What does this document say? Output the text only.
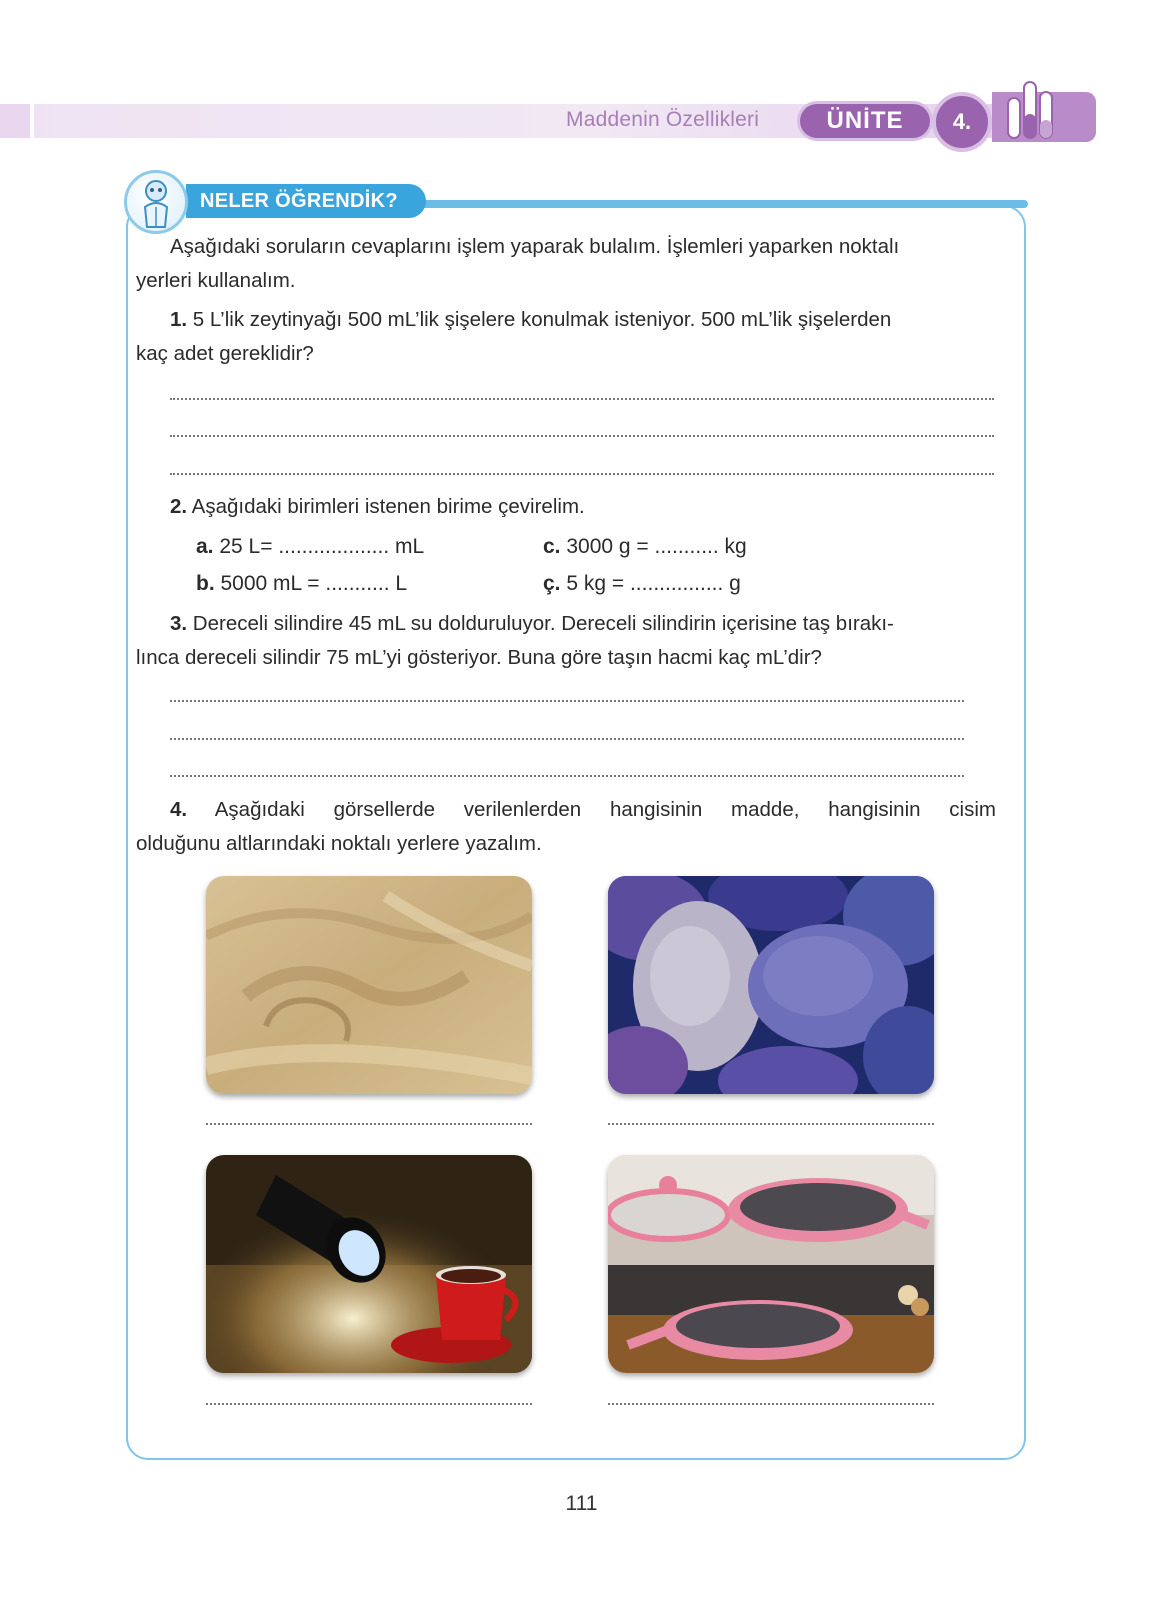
Maddenin Özellikleri	ÜNİTE	4.
NELER ÖĞRENDİK?
Aşağıdaki soruların cevaplarını işlem yaparak bulalım. İşlemleri yaparken noktalı
yerleri kullanalım.
1. 5 L’lik zeytinyağı 500 mL’lik şişelere konulmak isteniyor. 500 mL’lik şişelerden
kaç adet gereklidir?
2. Aşağıdaki birimleri istenen birime çevirelim.
a. 25 L= ................... mL	c. 3000 g = ........... kg
b. 5000 mL = ........... L	ç. 5 kg = ................ g
3. Dereceli silindire 45 mL su dolduruluyor. Dereceli silindirin içerisine taş bırakı-
lınca dereceli silindir 75 mL’yi gösteriyor. Buna göre taşın hacmi kaç mL’dir?
4. Aşağıdaki görsellerde verilenlerden hangisinin madde, hangisinin cisim
olduğunu altlarındaki noktalı yerlere yazalım.
111
